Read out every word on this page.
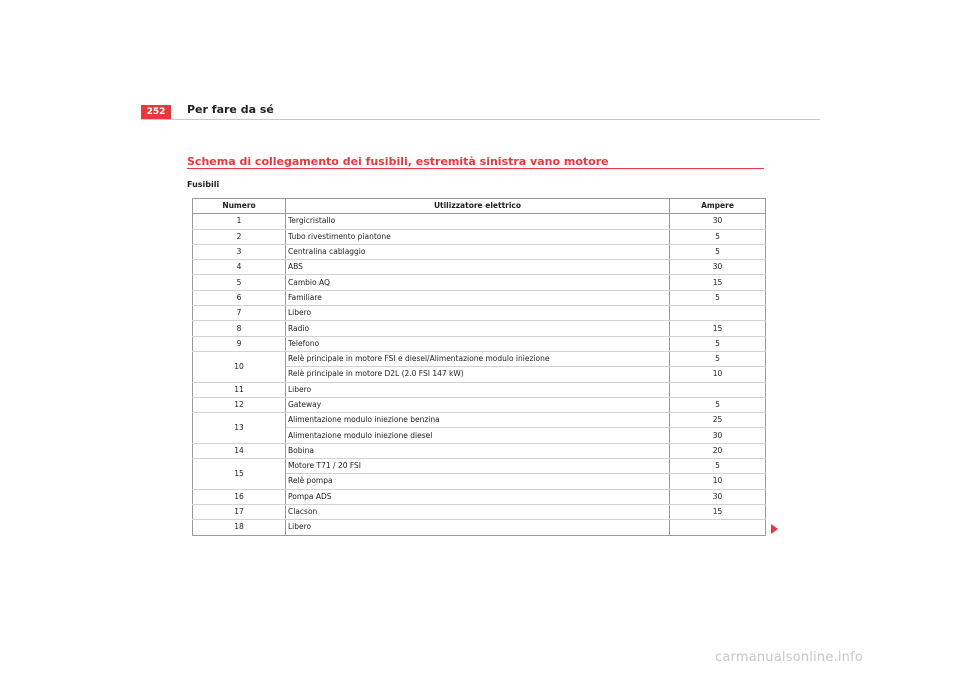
252	Per fare da sé
Schema di collegamento dei fusibili, estremità sinistra vano motore
Fusibili
Numero	Utilizzatore elettrico	Ampere
1	Tergicristallo	30
2	Tubo rivestimento piantone	5
3	Centralina cablaggio	5
4	ABS	30
5	Cambio AQ	15
6	Familiare	5
7	Libero	
8	Radio	15
9	Telefono	5
10	Relè principale in motore FSI e diesel/Alimentazione modulo iniezione	5
	Relè principale in motore D2L (2.0 FSI 147 kW)	10
11	Libero	
12	Gateway	5
13	Alimentazione modulo iniezione benzina	25
	Alimentazione modulo iniezione diesel	30
14	Bobina	20
15	Motore T71 / 20 FSI	5
	Relè pompa	10
16	Pompa ADS	30
17	Clacson	15
18	Libero	
carmanualsonline.info
